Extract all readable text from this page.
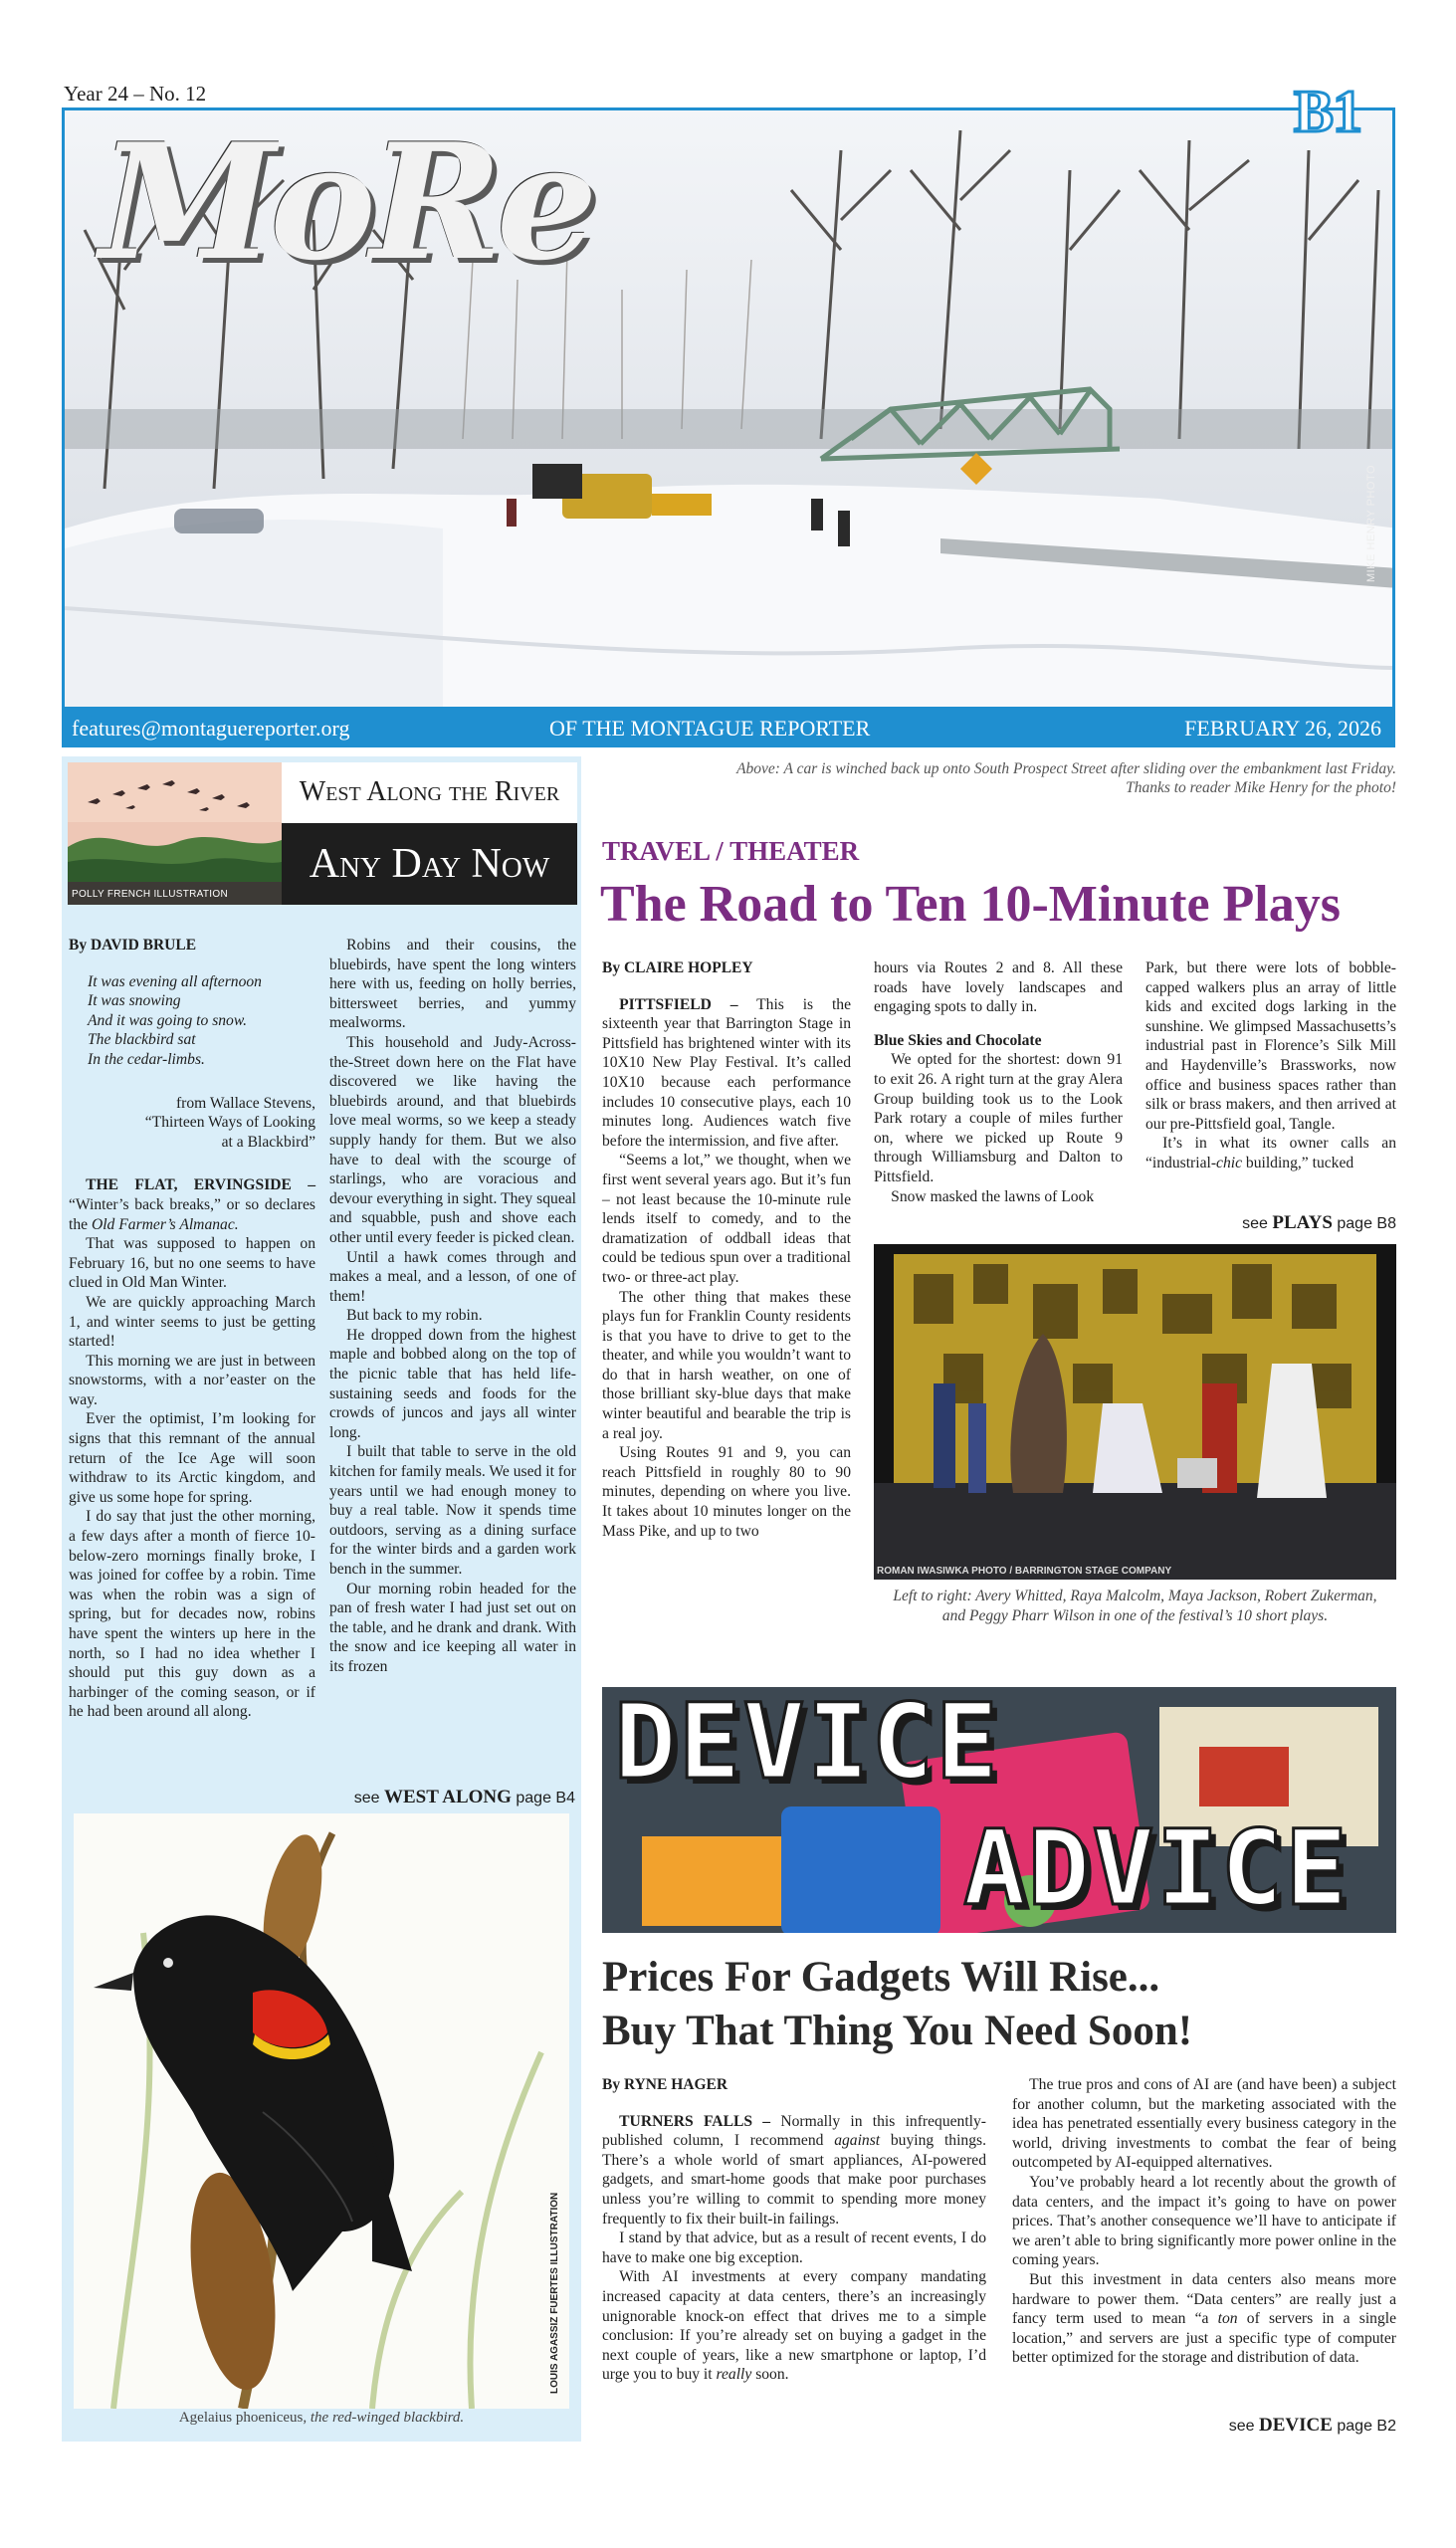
Year 24 – No. 12
MoRe	B1
MIKE HENRY PHOTO
features@montaguereporter.org	OF THE MONTAGUE REPORTER	FEBRUARY 26, 2026
POLLY FRENCH ILLUSTRATION
West Along the River
Any Day Now

By DAVID BRULE

It was evening all afternoon

It was snowing

And it was going to snow.

The blackbird sat

In the cedar-limbs.

from Wallace Stevens,

“Thirteen Ways of Looking

at a Blackbird”

THE FLAT, ERVINGSIDE – “Winter’s back breaks,” or so declares the Old Farmer’s Almanac.

That was supposed to happen on February 16, but no one seems to have clued in Old Man Winter.

We are quickly approaching March 1, and winter seems to just be getting started!

This morning we are just in between snowstorms, with a nor’easter on the way.

Ever the optimist, I’m looking for signs that this remnant of the annual return of the Ice Age will soon withdraw to its Arctic kingdom, and give us some hope for spring.

I do say that just the other morning, a few days after a month of fierce 10-below-zero mornings finally broke, I was joined for coffee by a robin. Time was when the robin was a sign of spring, but for decades now, robins have spent the winters up here in the north, so I had no idea whether I should put this guy down as a harbinger of the coming season, or if he had been around all along.

Robins and their cousins, the bluebirds, have spent the long winters here with us, feeding on holly berries, bittersweet berries, and yummy mealworms.

This household and Judy-Across-the-Street down here on the Flat have discovered we like having the bluebirds around, and that bluebirds love meal worms, so we keep a steady supply handy for them. But we also have to deal with the scourge of starlings, who are voracious and devour everything in sight. They squeal and squabble, push and shove each other until every feeder is picked clean.

Until a hawk comes through and makes a meal, and a lesson, of one of them!

But back to my robin.

He dropped down from the highest maple and bobbed along on the top of the picnic table that has held life-sustaining seeds and foods for the crowds of juncos and jays all winter long.

I built that table to serve in the old kitchen for family meals. We used it for years until we had enough money to buy a real table. Now it spends time outdoors, serving as a dining surface for the winter birds and a garden work bench in the summer.

Our morning robin headed for the pan of fresh water I had just set out on the table, and he drank and drank. With the snow and ice keeping all water in its frozen

see WEST ALONG page B4
LOUIS AGASSIZ FUERTES ILLUSTRATION
Agelaius phoeniceus, the red-winged blackbird.
Above: A car is winched back up onto South Prospect Street after sliding over the embankment last Friday.
Thanks to reader Mike Henry for the photo!
TRAVEL / THEATER
The Road to Ten 10-Minute Plays

By CLAIRE HOPLEY

PITTSFIELD – This is the sixteenth year that Barrington Stage in Pittsfield has brightened winter with its 10X10 New Play Festival. It’s called 10X10 because each performance includes 10 consecutive plays, each 10 minutes long. Audiences watch five before the intermission, and five after.

“Seems a lot,” we thought, when we first went several years ago. But it’s fun – not least because the 10-minute rule lends itself to comedy, and to the dramatization of oddball ideas that could be tedious spun over a traditional two- or three-act play.

The other thing that makes these plays fun for Franklin County residents is that you have to drive to get to the theater, and while you wouldn’t want to do that in harsh weather, on one of those brilliant sky-blue days that make winter beautiful and bearable the trip is a real joy.

Using Routes 91 and 9, you can reach Pittsfield in roughly 80 to 90 minutes, depending on where you live. It takes about 10 minutes longer on the Mass Pike, and up to two

hours via Routes 2 and 8. All these roads have lovely landscapes and engaging spots to dally in.

Blue Skies and Chocolate

We opted for the shortest: down 91 to exit 26. A right turn at the gray Alera Group building took us to the Look Park rotary a couple of miles further on, where we picked up Route 9 through Williamsburg and Dalton to Pittsfield.

Snow masked the lawns of Look

Park, but there were lots of bobble-capped walkers plus an array of little kids and excited dogs larking in the sunshine. We glimpsed Massachusetts’s industrial past in Florence’s Silk Mill and Haydenville’s Brassworks, now office and business spaces rather than silk or brass makers, and then arrived at our pre-Pittsfield goal, Tangle.

It’s in what its owner calls an “industrial-chic building,” tucked

see PLAYS page B8
ROMAN IWASIWKA PHOTO / BARRINGTON STAGE COMPANY
Left to right: Avery Whitted, Raya Malcolm, Maya Jackson, Robert Zukerman,
and Peggy Pharr Wilson in one of the festival’s 10 short plays.
DEVICE
ADVICE
Prices For Gadgets Will Rise...
Buy That Thing You Need Soon!

By RYNE HAGER

TURNERS FALLS – Normally in this infrequently-published column, I recommend against buying things. There’s a whole world of smart appliances, AI-powered gadgets, and smart-home goods that make poor purchases unless you’re willing to commit to spending more money frequently to fix their built-in failings.

I stand by that advice, but as a result of recent events, I do have to make one big exception.

With AI investments at every company mandating increased capacity at data centers, there’s an increasingly unignorable knock-on effect that drives me to a simple conclusion: If you’re already set on buying a gadget in the next couple of years, like a new smartphone or laptop, I’d urge you to buy it really soon.

The true pros and cons of AI are (and have been) a subject for another column, but the marketing associated with the idea has penetrated essentially every business category in the world, driving investments to combat the fear of being outcompeted by AI-equipped alternatives.

You’ve probably heard a lot recently about the growth of data centers, and the impact it’s going to have on power prices. That’s another consequence we’ll have to anticipate if we aren’t able to bring significantly more power online in the coming years.

But this investment in data centers also means more hardware to power them. “Data centers” are really just a fancy term used to mean “a ton of servers in a single location,” and servers are just a specific type of computer better optimized for the storage and distribution of data.

see DEVICE page B2
